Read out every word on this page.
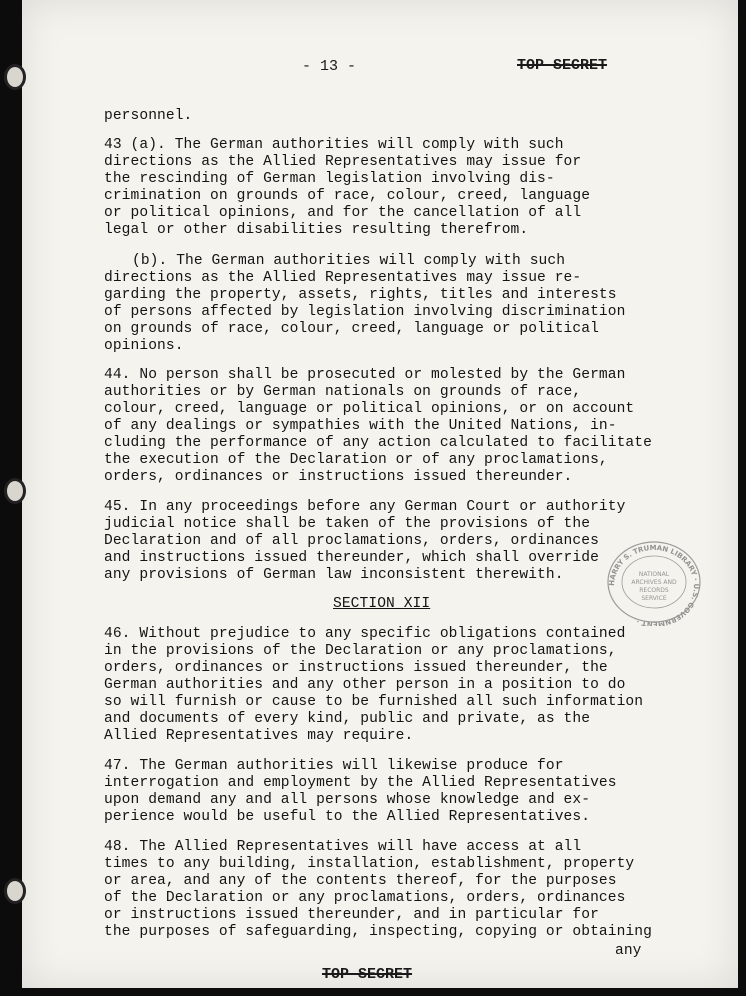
- 13 -	TOP SECRET
personnel.
43 (a). The German authorities will comply with such
directions as the Allied Representatives may issue for
the rescinding of German legislation involving dis-
crimination on grounds of race, colour, creed, language
or political opinions, and for the cancellation of all
legal or other disabilities resulting therefrom.
(b). The German authorities will comply with such
directions as the Allied Representatives may issue re-
garding the property, assets, rights, titles and interests
of persons affected by legislation involving discrimination
on grounds of race, colour, creed, language or political
opinions.
44. No person shall be prosecuted or molested by the German
authorities or by German nationals on grounds of race,
colour, creed, language or political opinions, or on account
of any dealings or sympathies with the United Nations, in-
cluding the performance of any action calculated to facilitate
the execution of the Declaration or of any proclamations,
orders, ordinances or instructions issued thereunder.
45. In any proceedings before any German Court or authority
judicial notice shall be taken of the provisions of the
Declaration and of all proclamations, orders, ordinances
and instructions issued thereunder, which shall override
any provisions of German law inconsistent therewith.
SECTION XII
46. Without prejudice to any specific obligations contained
in the provisions of the Declaration or any proclamations,
orders, ordinances or instructions issued thereunder, the
German authorities and any other person in a position to do
so will furnish or cause to be furnished all such information
and documents of every kind, public and private, as the
Allied Representatives may require.
47. The German authorities will likewise produce for
interrogation and employment by the Allied Representatives
upon demand any and all persons whose knowledge and ex-
perience would be useful to the Allied Representatives.
48. The Allied Representatives will have access at all
times to any building, installation, establishment, property
or area, and any of the contents thereof, for the purposes
of the Declaration or any proclamations, orders, ordinances
or instructions issued thereunder, and in particular for
the purposes of safeguarding, inspecting, copying or obtaining
any
TOP SECRET
HARRY S. TRUMAN LIBRARY · U.S. GOVERNMENT ·
NATIONAL
ARCHIVES AND
RECORDS
SERVICE
